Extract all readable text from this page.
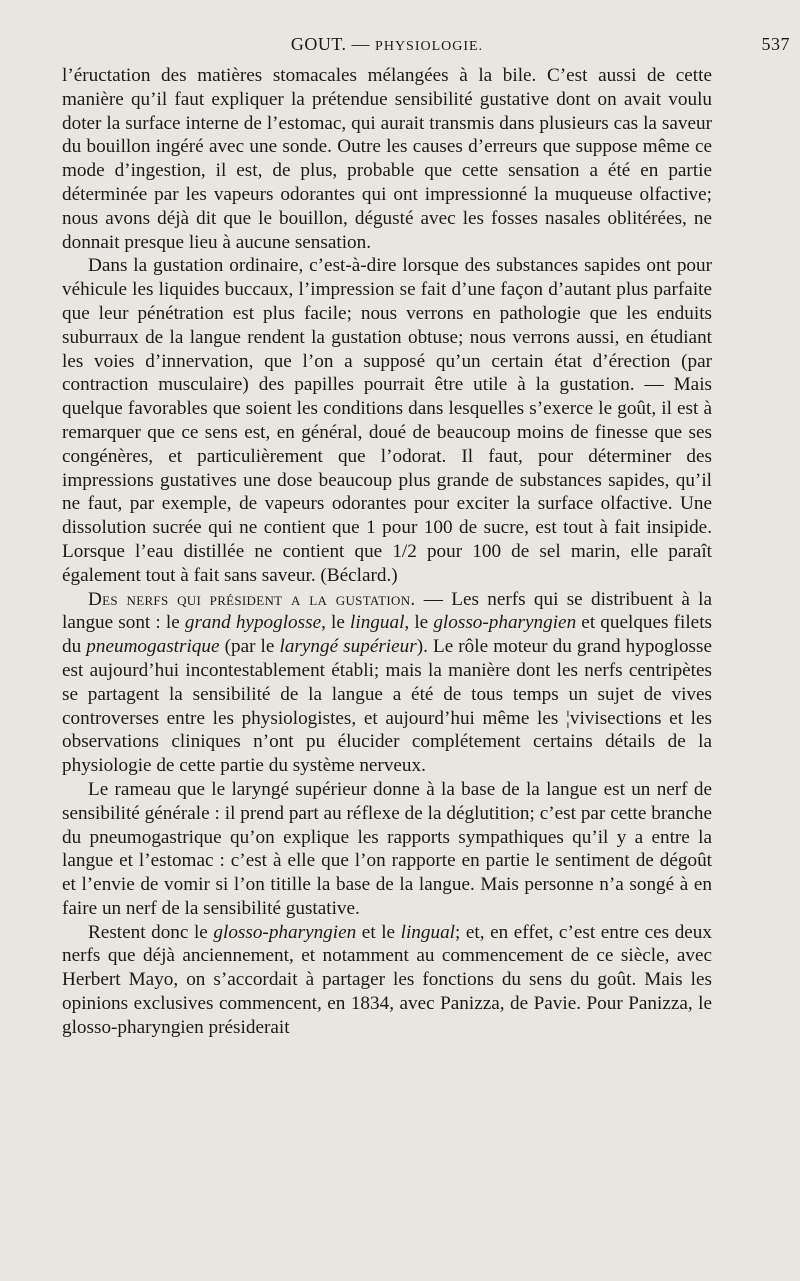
GOUT. — PHYSIOLOGIE.	537

l’éructation des matières stomacales mélangées à la bile. C’est aussi de cette manière qu’il faut expliquer la prétendue sensibilité gustative dont on avait voulu doter la surface interne de l’estomac, qui aurait transmis dans plusieurs cas la saveur du bouillon ingéré avec une sonde. Outre les causes d’erreurs que suppose même ce mode d’ingestion, il est, de plus, probable que cette sensation a été en partie déterminée par les vapeurs odorantes qui ont impressionné la muqueuse olfactive; nous avons déjà dit que le bouillon, dégusté avec les fosses nasales oblitérées, ne donnait presque lieu à aucune sensation.

Dans la gustation ordinaire, c’est-à-dire lorsque des substances sapides ont pour véhicule les liquides buccaux, l’impression se fait d’une façon d’autant plus parfaite que leur pénétration est plus facile; nous verrons en pathologie que les enduits suburraux de la langue rendent la gustation obtuse; nous verrons aussi, en étudiant les voies d’innervation, que l’on a supposé qu’un certain état d’érection (par contraction musculaire) des papilles pourrait être utile à la gustation. — Mais quelque favorables que soient les conditions dans lesquelles s’exerce le goût, il est à remarquer que ce sens est, en général, doué de beaucoup moins de finesse que ses congénères, et particulièrement que l’odorat. Il faut, pour déterminer des impressions gustatives une dose beaucoup plus grande de substances sapides, qu’il ne faut, par exemple, de vapeurs odorantes pour exciter la surface olfactive. Une dissolution sucrée qui ne contient que 1 pour 100 de sucre, est tout à fait insipide. Lorsque l’eau distillée ne contient que 1/2 pour 100 de sel marin, elle paraît également tout à fait sans saveur. (Béclard.)

Des nerfs qui président a la gustation. — Les nerfs qui se distribuent à la langue sont : le grand hypoglosse, le lingual, le glosso-pharyngien et quelques filets du pneumogastrique (par le laryngé supérieur). Le rôle moteur du grand hypoglosse est aujourd’hui incontestablement établi; mais la manière dont les nerfs centripètes se partagent la sensibilité de la langue a été de tous temps un sujet de vives controverses entre les physiologistes, et aujourd’hui même les ¦vivisections et les observations cliniques n’ont pu élucider complétement certains détails de la physiologie de cette partie du système nerveux.

Le rameau que le laryngé supérieur donne à la base de la langue est un nerf de sensibilité générale : il prend part au réflexe de la déglutition; c’est par cette branche du pneumogastrique qu’on explique les rapports sympathiques qu’il y a entre la langue et l’estomac : c’est à elle que l’on rapporte en partie le sentiment de dégoût et l’envie de vomir si l’on titille la base de la langue. Mais personne n’a songé à en faire un nerf de la sensibilité gustative.

Restent donc le glosso-pharyngien et le lingual; et, en effet, c’est entre ces deux nerfs que déjà anciennement, et notamment au commencement de ce siècle, avec Herbert Mayo, on s’accordait à partager les fonctions du sens du goût. Mais les opinions exclusives commencent, en 1834, avec Panizza, de Pavie. Pour Panizza, le glosso-pharyngien présiderait
